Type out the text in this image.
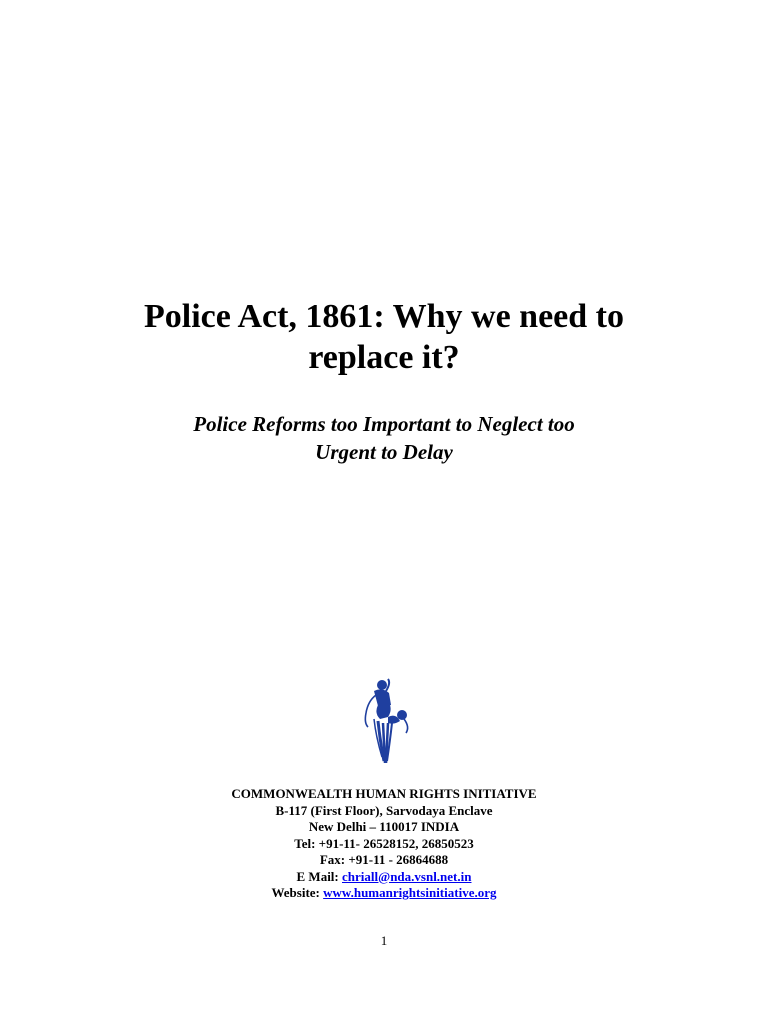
Police Act, 1861: Why we need to
replace it?
Police Reforms too Important to Neglect too
Urgent to Delay
COMMONWEALTH HUMAN RIGHTS INITIATIVE
B-117 (First Floor), Sarvodaya Enclave
New Delhi – 110017 INDIA
Tel: +91-11- 26528152, 26850523
Fax: +91-11 - 26864688
E Mail: chriall@nda.vsnl.net.in
Website: www.humanrightsinitiative.org
1
